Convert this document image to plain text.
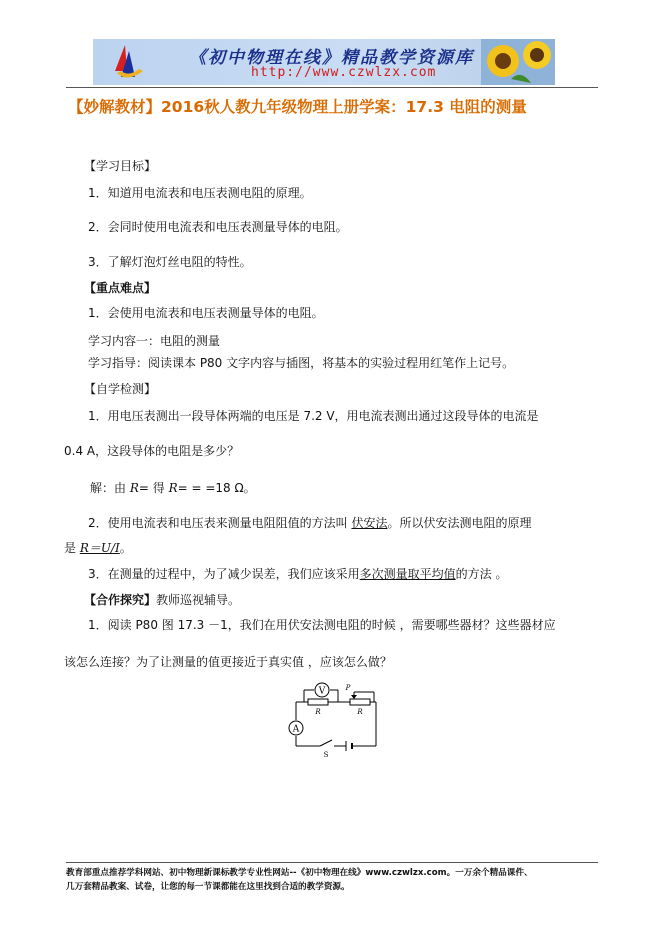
《初中物理在线》精品教学资源库
http://www.czwlzx.com
【妙解教材】2016秋人教九年级物理上册学案：17.3 电阻的测量
【学习目标】
1．知道用电流表和电压表测电阻的原理。
2．会同时使用电流表和电压表测量导体的电阻。
3．了解灯泡灯丝电阻的特性。
【重点难点】
1．会使用电流表和电压表测量导体的电阻。
学习内容一：电阻的测量
学习指导：阅读课本 P80 文字内容与插图，将基本的实验过程用红笔作上记号。
【自学检测】
1．用电压表测出一段导体两端的电压是 7.2 V，用电流表测出通过这段导体的电流是
0.4 A，这段导体的电阻是多少？
解：由 R= 得 R= = =18 Ω。
2．使用电流表和电压表来测量电阻阻值的方法叫 伏安法。所以伏安法测电阻的原理
是 R＝U/I。
3．在测量的过程中，为了减少误差，我们应该采用多次测量取平均值的方法 。
【合作探究】教师巡视辅导。
1．阅读 P80 图 17.3 －1，我们在用伏安法测电阻的时候 ，需要哪些器材？这些器材应
该怎么连接？为了让测量的值更接近于真实值 ，应该怎么做？
V
A
R	R
P
S
教育部重点推荐学科网站、初中物理新课标教学专业性网站--《初中物理在线》www.czwlzx.com。一万余个精品课件、
几万套精品教案、试卷，让您的每一节课都能在这里找到合适的教学资源。
